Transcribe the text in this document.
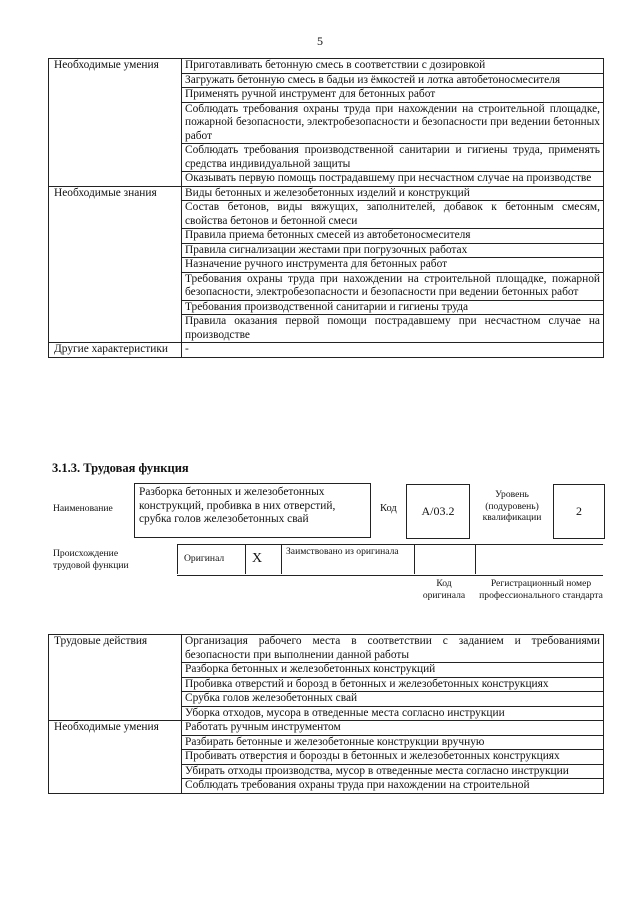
5
Необходимые умения	Приготавливать бетонную смесь в соответствии с дозировкой
	Загружать бетонную смесь в бадьи из ёмкостей и лотка автобетоносмесителя
	Применять ручной инструмент для бетонных работ
	Соблюдать требования охраны труда при нахождении на строительной площадке, пожарной безопасности, электробезопасности и безопасности при ведении бетонных работ
	Соблюдать требования производственной санитарии и гигиены труда, применять средства индивидуальной защиты
	Оказывать первую помощь пострадавшему при несчастном случае на производстве
Необходимые знания	Виды бетонных и железобетонных изделий и конструкций
	Состав бетонов, виды вяжущих, заполнителей, добавок к бетонным смесям, свойства бетонов и бетонной смеси
	Правила приема бетонных смесей из автобетоносмесителя
	Правила сигнализации жестами при погрузочных работах
	Назначение ручного инструмента для бетонных работ
	Требования охраны труда при нахождении на строительной площадке, пожарной безопасности, электробезопасности и безопасности при ведении бетонных работ
	Требования производственной санитарии и гигиены труда
	Правила оказания первой помощи пострадавшему при несчастном случае на производстве
Другие характеристики	-
3.1.3. Трудовая функция
Наименование
Разборка бетонных и железобетонных конструкций, пробивка в них отверстий, срубка голов железобетонных свай
Код	А/03.2
Уровень (подуровень) квалификации	2
Происхождение трудовой функции
Оригинал X Заимствовано из оригинала
Код оригинала
Регистрационный номер профессионального стандарта
Трудовые действия	Организация рабочего места в соответствии с заданием и требованиями безопасности при выполнении данной работы
	Разборка бетонных и железобетонных конструкций
	Пробивка отверстий и борозд в бетонных и железобетонных конструкциях
	Срубка голов железобетонных свай
	Уборка отходов, мусора в отведенные места согласно инструкции
Необходимые умения	Работать ручным инструментом
	Разбирать бетонные и железобетонные конструкции вручную
	Пробивать отверстия и борозды в бетонных и железобетонных конструкциях
	Убирать отходы производства, мусор в отведенные места согласно инструкции
	Соблюдать требования охраны труда при нахождении на строительной
